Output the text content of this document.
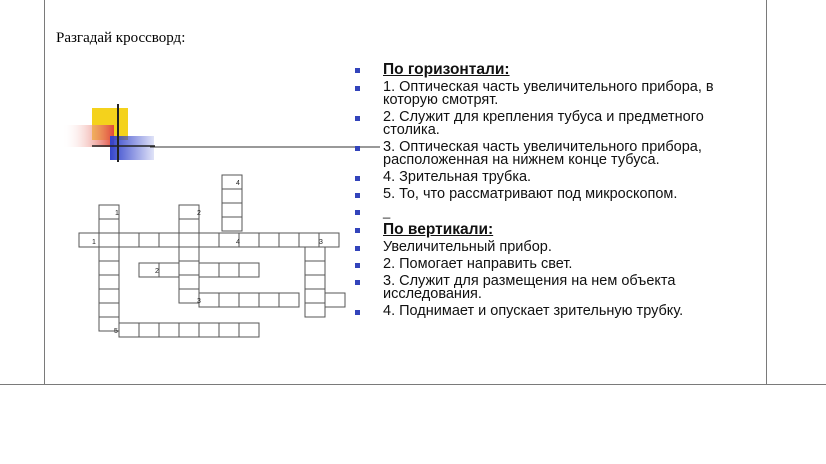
Разгадай кроссворд:
1
1	2
2
3
3
4
4
5
По горизонтали:
1. Оптическая часть увеличительного прибора, в которую смотрят.
2. Служит для крепления тубуса и предметного столика.
3. Оптическая часть увеличительного прибора, расположенная на нижнем конце тубуса.
4. Зрительная трубка.
5. То, что рассматривают под микроскопом.
_
По вертикали:
Увеличительный прибор.
2. Помогает направить свет.
3. Служит для размещения на нем объекта исследования.
4. Поднимает и опускает зрительную трубку.
